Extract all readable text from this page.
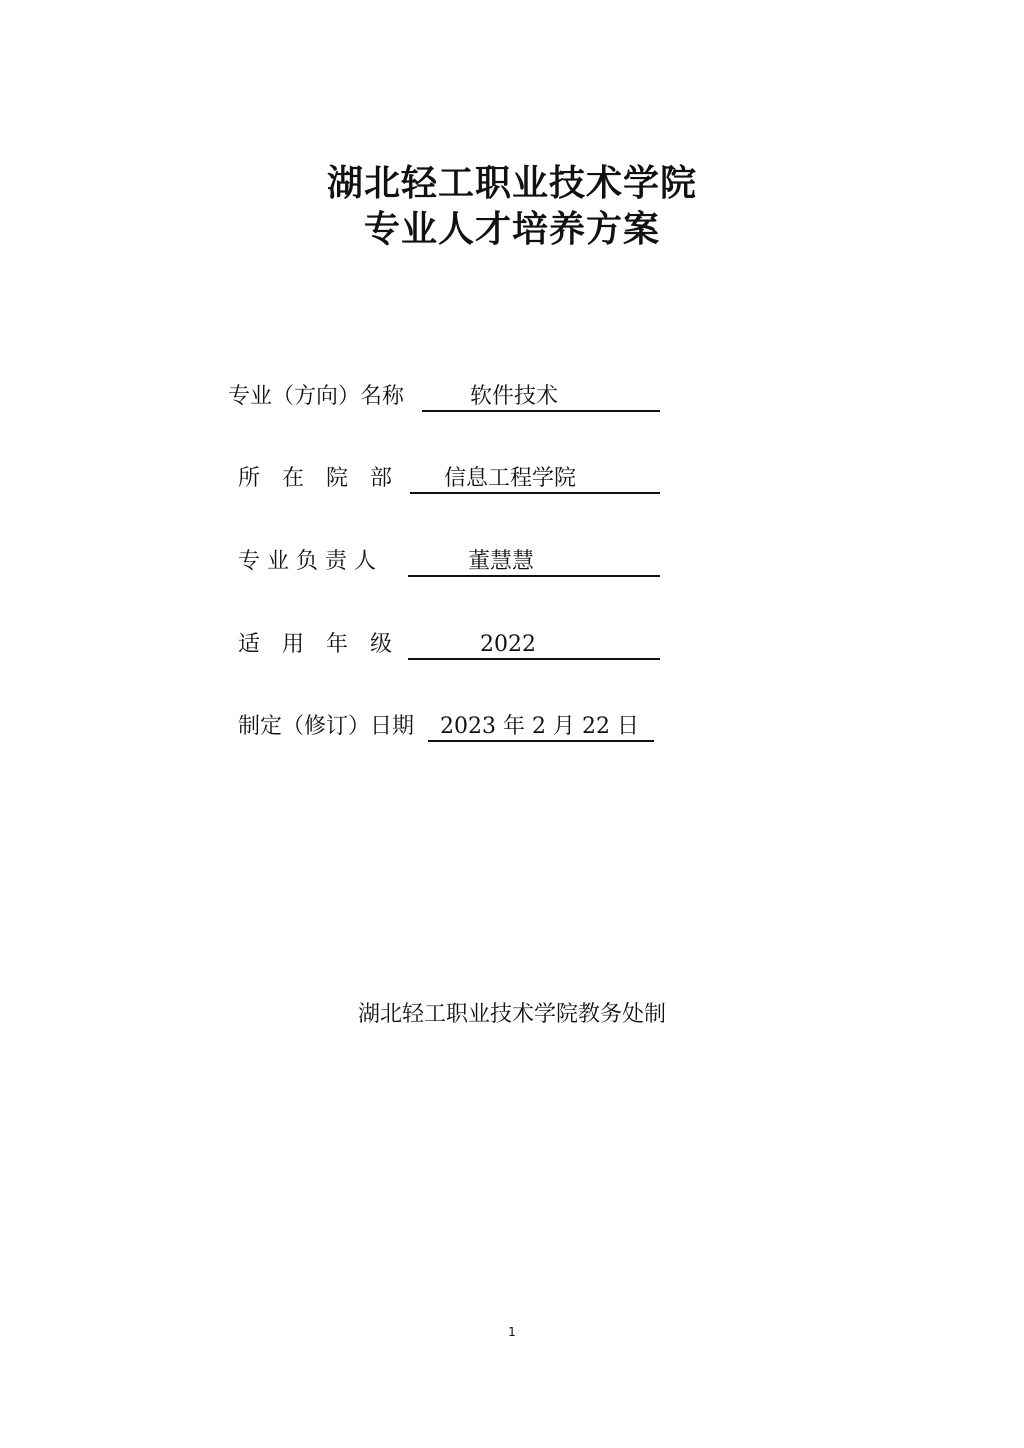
湖北轻工职业技术学院
专业人才培养方案
专业（方向）名称	软件技术
所　在　院　部 信息工程学院
专 业 负 责 人	董慧慧
适　用　年　级	2022
制定（修订）日期 2023 年 2 月 22 日
湖北轻工职业技术学院教务处制
1
